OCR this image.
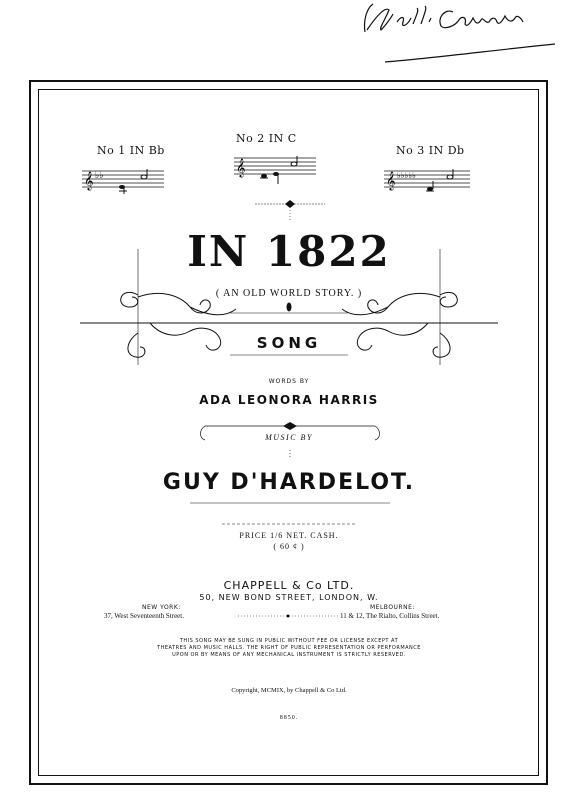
No 1 IN Bb
No 2 IN C
No 3 IN Db
𝄞 ♭♭	𝄞
𝄞 ♭♭♭♭♭
IN 1822
( AN OLD WORLD STORY. )
SONG
WORDS BY
ADA LEONORA HARRIS
MUSIC BY
GUY D'HARDELOT.
PRICE 1/6 NET. CASH.
( 60 ¢ )
CHAPPELL & Co LTD.
50, NEW BOND STREET, LONDON, W.
NEW YORK:
37, West Seventeenth Street.
MELBOURNE:
11 & 12, The Rialto, Collins Street.
THIS SONG MAY BE SUNG IN PUBLIC WITHOUT FEE OR LICENSE EXCEPT AT
THEATRES AND MUSIC HALLS. THE RIGHT OF PUBLIC REPRESENTATION OR PERFORMANCE
UPON OR BY MEANS OF ANY MECHANICAL INSTRUMENT IS STRICTLY RESERVED.
Copyright, MCMIX, by Chappell & Co Ltd.
8850.
